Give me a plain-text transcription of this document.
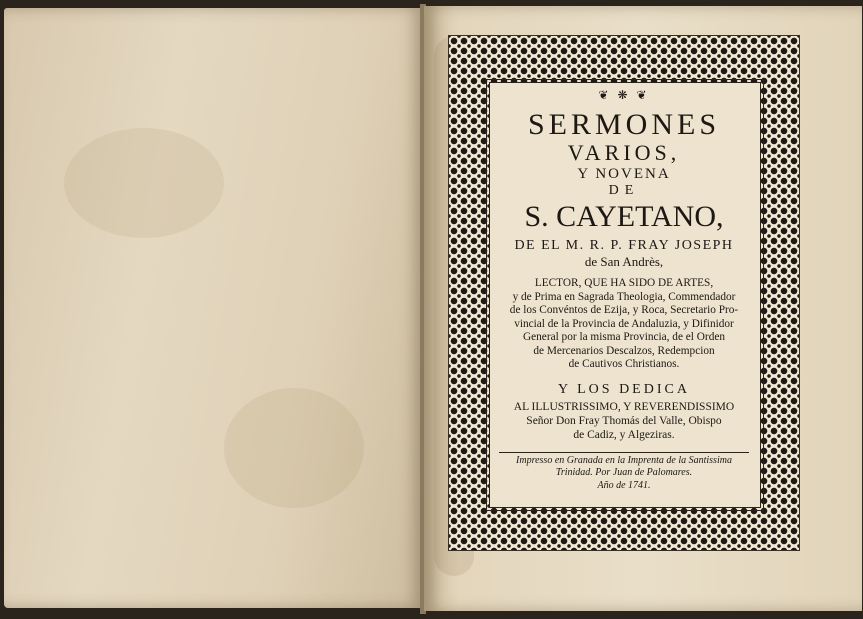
❦ ❋ ❦
SERMONES
VARIOS,
Y NOVENA
DE
S. CAYETANO,
DE EL M. R. P. FRAY JOSEPH
de San Andrès,
LECTOR, QUE HA SIDO DE ARTES,
y de Prima en Sagrada Theologia, Commendador
de los Convéntos de Ezija, y Roca, Secretario Pro-
vincial de la Provincia de Andaluzia, y Difinidor
General por la misma Provincia, de el Orden
de Mercenarios Descalzos, Redempcion
de Cautivos Christianos.
Y LOS DEDICA
AL ILLUSTRISSIMO, Y REVERENDISSIMO
Señor Don Fray Thomás del Valle, Obispo
de Cadiz, y Algeziras.
Impresso en Granada en la Imprenta de la Santissima
Trinidad. Por Juan de Palomares.
Año de 1741.
